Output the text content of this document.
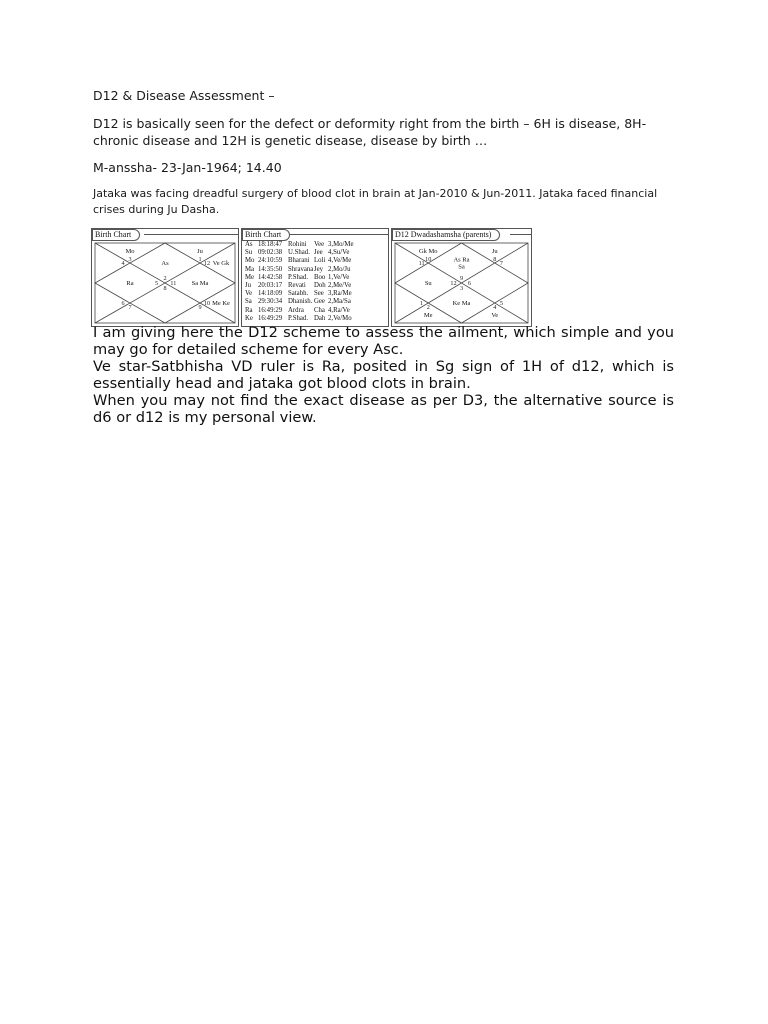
D12 & Disease Assessment –
D12 is basically seen for the defect or deformity right from the birth – 6H is disease, 8H-chronic disease and 12H is genetic disease, disease by birth …
M-anssha- 23-Jan-1964; 14.40
Jataka was facing dreadful surgery of blood clot in brain at Jan-2010 & Jun-2011. Jataka faced financial crises during Ju Dasha.
Birth Chart
2
As
3
Mo
4
5
Ra
6
7
8
9
10 Me Ke
11 Sa Ma
12 Ve Gk
1
Ju
Birth Chart
As 18:18:47 Rohini	Vee 3,Mo/Me
Su 09:02:38 U.Shad. Jee 4,Su/Ve
Mo 24:10:59 Bharani Loli 4,Ve/Me
Ma 14:35:50 Shravana Jey 2,Mo/Ju
Me 14:42:58 P.Shad. Boo 1,Ve/Ve
Ju	20:03:17 Revati	Doh 2,Me/Ve
Ve 14:18:09 Satabh. See 3,Ra/Me
Sa 29:30:34 Dhanish. Gee 2,Ma/Sa
Ra 16:49:29 Ardra	Cha 4,Ra/Ve
Ke 16:49:29 P.Shad. Dah 2,Ve/Mo
D12 Dwadashamsha (parents)
9
As Ra
Sa
10
Gk Mo
11
12
Su
1
2
Me
3
Ke Ma
4
Ve
5
6
7
8
Ju

I am giving here the D12 scheme to assess the ailment, which simple and you may go for detailed scheme for every Asc.

Ve star-Satbhisha VD ruler is Ra, posited in Sg sign of 1H of d12, which is essentially head and jataka got blood clots in brain.

When you may not find the exact disease as per D3, the alternative source is d6 or d12 is my personal view.
